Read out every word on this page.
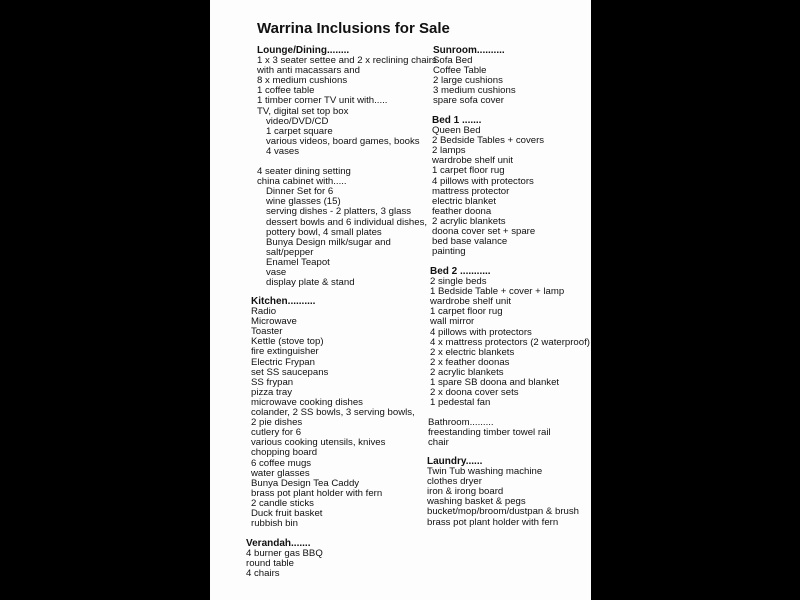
Warrina Inclusions for Sale
Lounge/Dining........
1 x 3 seater settee and 2 x reclining chairs
with anti macassars and
8 x medium cushions
1 coffee table
1 timber corner TV unit with.....
TV, digital set top box
video/DVD/CD
1 carpet square
various videos, board games, books
4 vases
4 seater dining setting
china cabinet with.....
Dinner Set for 6
wine glasses (15)
serving dishes - 2 platters, 3 glass
dessert bowls and 6 individual dishes,
pottery bowl, 4 small plates
Bunya Design milk/sugar and
salt/pepper
Enamel Teapot
vase
display plate & stand
Kitchen..........
Radio
Microwave
Toaster
Kettle (stove top)
fire extinguisher
Electric Frypan
set SS saucepans
SS frypan
pizza tray
microwave cooking dishes
colander, 2 SS bowls, 3 serving bowls,
2 pie dishes
cutlery for 6
various cooking utensils, knives
chopping board
6 coffee mugs
water glasses
Bunya Design Tea Caddy
brass pot plant holder with fern
2 candle sticks
Duck fruit basket
rubbish bin
Verandah.......
4 burner gas BBQ
round table
4 chairs
Sunroom..........
Sofa Bed
Coffee Table
2 large cushions
3 medium cushions
spare sofa cover
Bed 1 .......
Queen Bed
2 Bedside Tables + covers
2 lamps
wardrobe shelf unit
1 carpet floor rug
4 pillows with protectors
mattress protector
electric blanket
feather doona
2 acrylic blankets
doona cover set + spare
bed base valance
painting
Bed 2 ...........
2 single beds
1 Bedside Table + cover + lamp
wardrobe shelf unit
1 carpet floor rug
wall mirror
4 pillows with protectors
4 x mattress protectors (2 waterproof)
2 x electric blankets
2 x feather doonas
2 acrylic blankets
1 spare SB doona and blanket
2 x doona cover sets
1 pedestal fan
Bathroom.........
freestanding timber towel rail
chair
Laundry......
Twin Tub washing machine
clothes dryer
iron & irong board
washing basket & pegs
bucket/mop/broom/dustpan & brush
brass pot plant holder with fern
